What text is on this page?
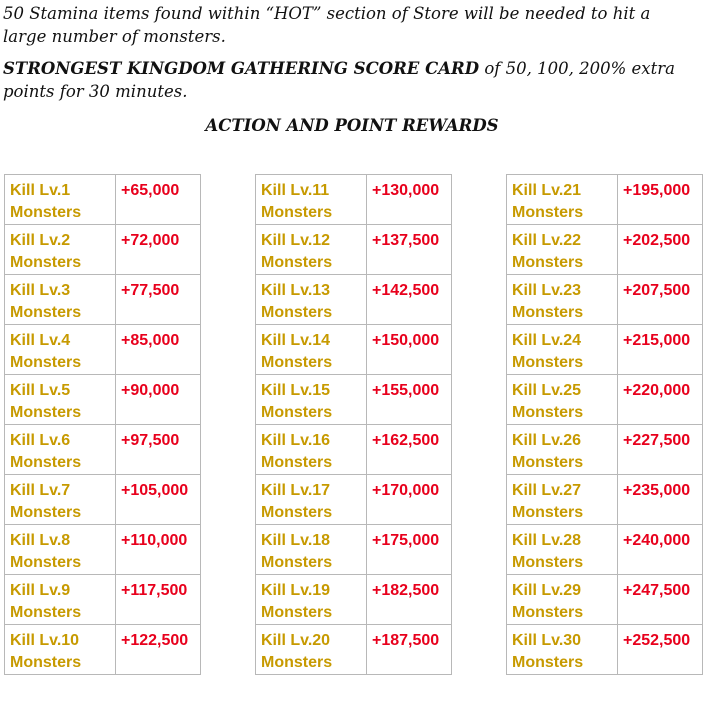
50 Stamina items found within “HOT” section of Store will be needed to hit a large number of monsters.

STRONGEST KINGDOM GATHERING SCORE CARD of 50, 100, 200% extra points for 30 minutes.

ACTION AND POINT REWARDS
Kill Lv.1 Monsters	+65,000
Kill Lv.2 Monsters	+72,000
Kill Lv.3 Monsters	+77,500
Kill Lv.4 Monsters	+85,000
Kill Lv.5 Monsters	+90,000
Kill Lv.6 Monsters	+97,500
Kill Lv.7 Monsters	+105,000
Kill Lv.8 Monsters	+110,000
Kill Lv.9 Monsters	+117,500
Kill Lv.10 Monsters	+122,500
Kill Lv.11 Monsters	+130,000
Kill Lv.12 Monsters	+137,500
Kill Lv.13 Monsters	+142,500
Kill Lv.14 Monsters	+150,000
Kill Lv.15 Monsters	+155,000
Kill Lv.16 Monsters	+162,500
Kill Lv.17 Monsters	+170,000
Kill Lv.18 Monsters	+175,000
Kill Lv.19 Monsters	+182,500
Kill Lv.20 Monsters	+187,500
Kill Lv.21 Monsters	+195,000
Kill Lv.22 Monsters	+202,500
Kill Lv.23 Monsters	+207,500
Kill Lv.24 Monsters	+215,000
Kill Lv.25 Monsters	+220,000
Kill Lv.26 Monsters	+227,500
Kill Lv.27 Monsters	+235,000
Kill Lv.28 Monsters	+240,000
Kill Lv.29 Monsters	+247,500
Kill Lv.30 Monsters	+252,500
